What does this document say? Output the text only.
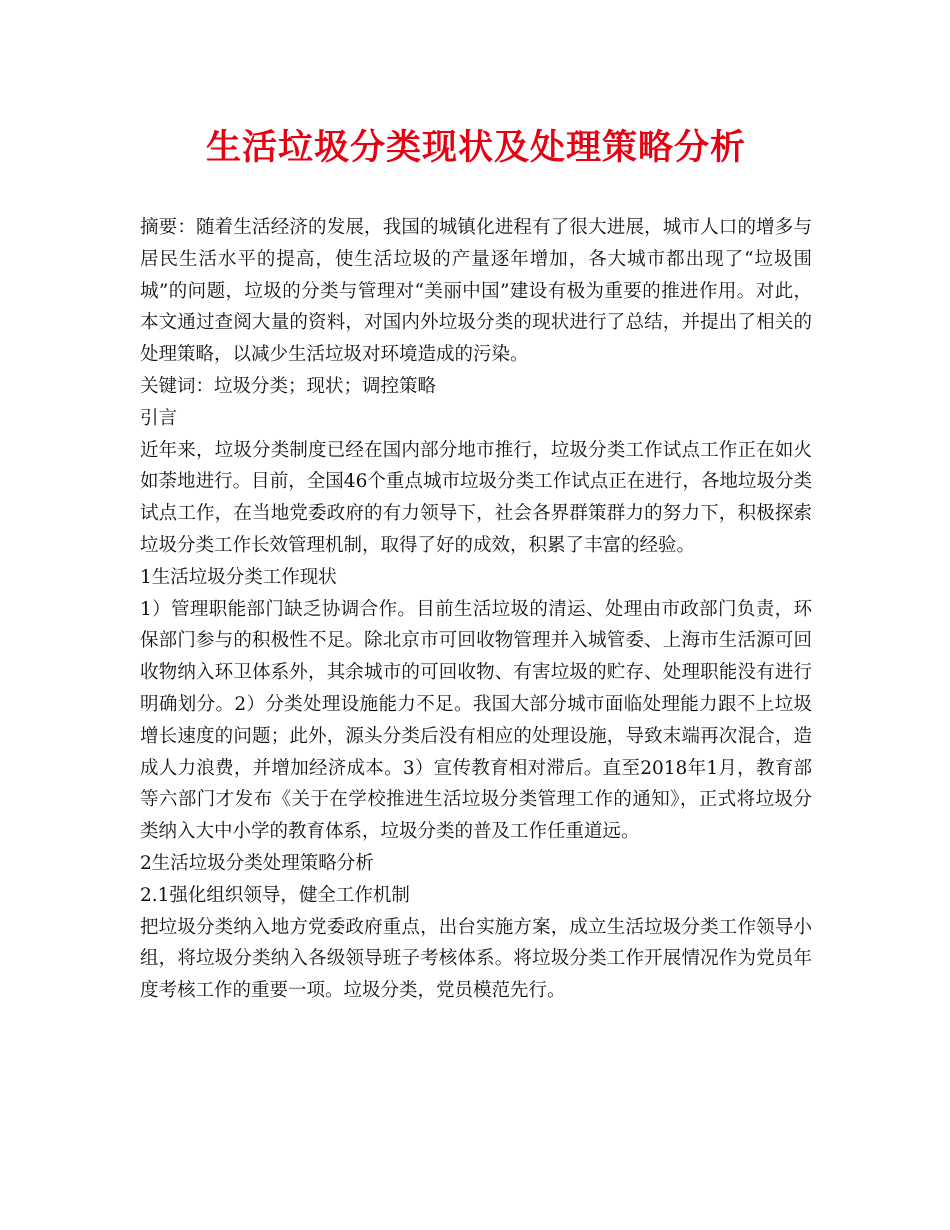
生活垃圾分类现状及处理策略分析

摘要：随着生活经济的发展，我国的城镇化进程有了很大进展，城市人口的增多与居民生活水平的提高，使生活垃圾的产量逐年增加，各大城市都出现了“垃圾围城”的问题，垃圾的分类与管理对“美丽中国”建设有极为重要的推进作用。对此，本文通过查阅大量的资料，对国内外垃圾分类的现状进行了总结，并提出了相关的处理策略，以减少生活垃圾对环境造成的污染。

关键词：垃圾分类；现状；调控策略

引言

近年来，垃圾分类制度已经在国内部分地市推行，垃圾分类工作试点工作正在如火如荼地进行。目前，全国46个重点城市垃圾分类工作试点正在进行，各地垃圾分类试点工作，在当地党委政府的有力领导下，社会各界群策群力的努力下，积极探索垃圾分类工作长效管理机制，取得了好的成效，积累了丰富的经验。

1生活垃圾分类工作现状

1）管理职能部门缺乏协调合作。目前生活垃圾的清运、处理由市政部门负责，环保部门参与的积极性不足。除北京市可回收物管理并入城管委、上海市生活源可回收物纳入环卫体系外，其余城市的可回收物、有害垃圾的贮存、处理职能没有进行明确划分。2）分类处理设施能力不足。我国大部分城市面临处理能力跟不上垃圾增长速度的问题；此外，源头分类后没有相应的处理设施，导致末端再次混合，造成人力浪费，并增加经济成本。3）宣传教育相对滞后。直至2018年1月，教育部等六部门才发布《关于在学校推进生活垃圾分类管理工作的通知》，正式将垃圾分类纳入大中小学的教育体系，垃圾分类的普及工作任重道远。

2生活垃圾分类处理策略分析

2.1强化组织领导，健全工作机制

把垃圾分类纳入地方党委政府重点，出台实施方案，成立生活垃圾分类工作领导小组，将垃圾分类纳入各级领导班子考核体系。将垃圾分类工作开展情况作为党员年度考核工作的重要一项。垃圾分类，党员模范先行。
